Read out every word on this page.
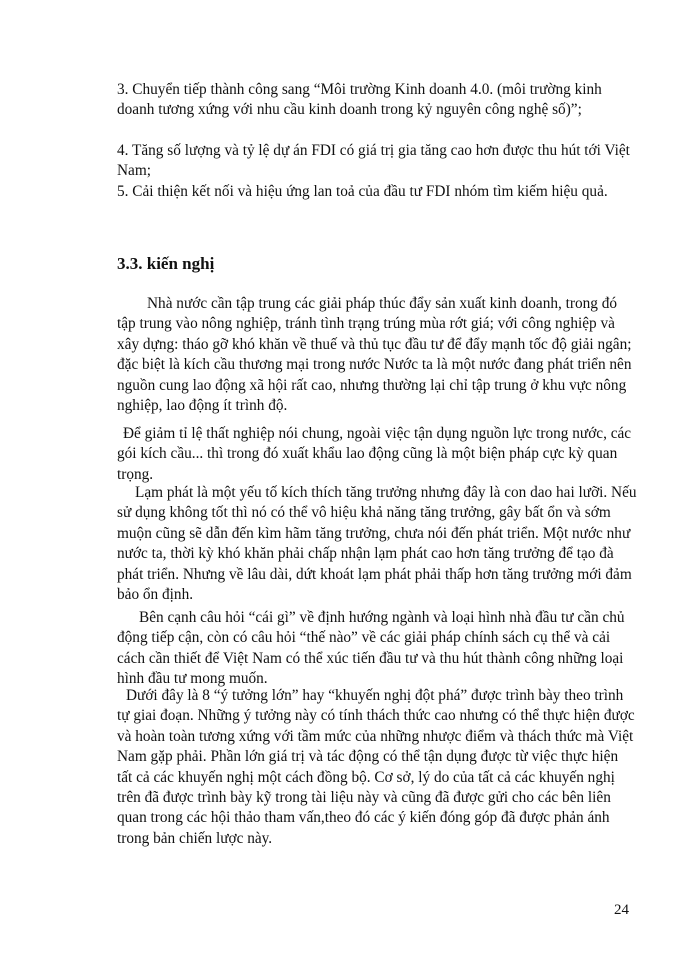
3. Chuyển tiếp thành công sang “Môi trường Kinh doanh 4.0. (môi trường kinh doanh tương xứng với nhu cầu kinh doanh trong kỷ nguyên công nghệ số)”;

4. Tăng số lượng và tỷ lệ dự án FDI có giá trị gia tăng cao hơn được thu hút tới Việt Nam;

5. Cải thiện kết nối và hiệu ứng lan toả của đầu tư FDI nhóm tìm kiếm hiệu quả.

3.3. kiến nghị

Nhà nước cần tập trung các giải pháp thúc đẩy sản xuất kinh doanh, trong đó tập trung vào nông nghiệp, tránh tình trạng trúng mùa rớt giá; với công nghiệp và xây dựng: tháo gỡ khó khăn về thuế và thủ tục đầu tư để đẩy mạnh tốc độ giải ngân; đặc biệt là kích cầu thương mại trong nước Nước ta là một nước đang phát triển nên nguồn cung lao động xã hội rất cao, nhưng thường lại chỉ tập trung ở khu vực nông nghiệp, lao động ít trình độ.

Để giảm tỉ lệ thất nghiệp nói chung, ngoài việc tận dụng nguồn lực trong nước, các gói kích cầu... thì trong đó xuất khẩu lao động cũng là một biện pháp cực kỳ quan trọng.

Lạm phát là một yếu tố kích thích tăng trưởng nhưng đây là con dao hai lưỡi. Nếu sử dụng không tốt thì nó có thể vô hiệu khả năng tăng trưởng, gây bất ổn và sớm muộn cũng sẽ dẫn đến kìm hãm tăng trưởng, chưa nói đến phát triển. Một nước như nước ta, thời kỳ khó khăn phải chấp nhận lạm phát cao hơn tăng trưởng để tạo đà phát triển. Nhưng về lâu dài, dứt khoát lạm phát phải thấp hơn tăng trưởng mới đảm bảo ổn định.

Bên cạnh câu hỏi “cái gì” về định hướng ngành và loại hình nhà đầu tư cần chủ động tiếp cận, còn có câu hỏi “thế nào” về các giải pháp chính sách cụ thể và cải cách cần thiết để Việt Nam có thể xúc tiến đầu tư và thu hút thành công những loại hình đầu tư mong muốn.

Dưới đây là 8 “ý tưởng lớn” hay “khuyến nghị đột phá” được trình bày theo trình tự giai đoạn. Những ý tưởng này có tính thách thức cao nhưng có thể thực hiện được và hoàn toàn tương xứng với tầm mức của những nhược điểm và thách thức mà Việt Nam gặp phải. Phần lớn giá trị và tác động có thể tận dụng được từ việc thực hiện tất cả các khuyến nghị một cách đồng bộ. Cơ sở, lý do của tất cả các khuyến nghị trên đã được trình bày kỹ trong tài liệu này và cũng đã được gửi cho các bên liên quan trong các hội thảo tham vấn,theo đó các ý kiến đóng góp đã được phản ánh trong bản chiến lược này.

24
